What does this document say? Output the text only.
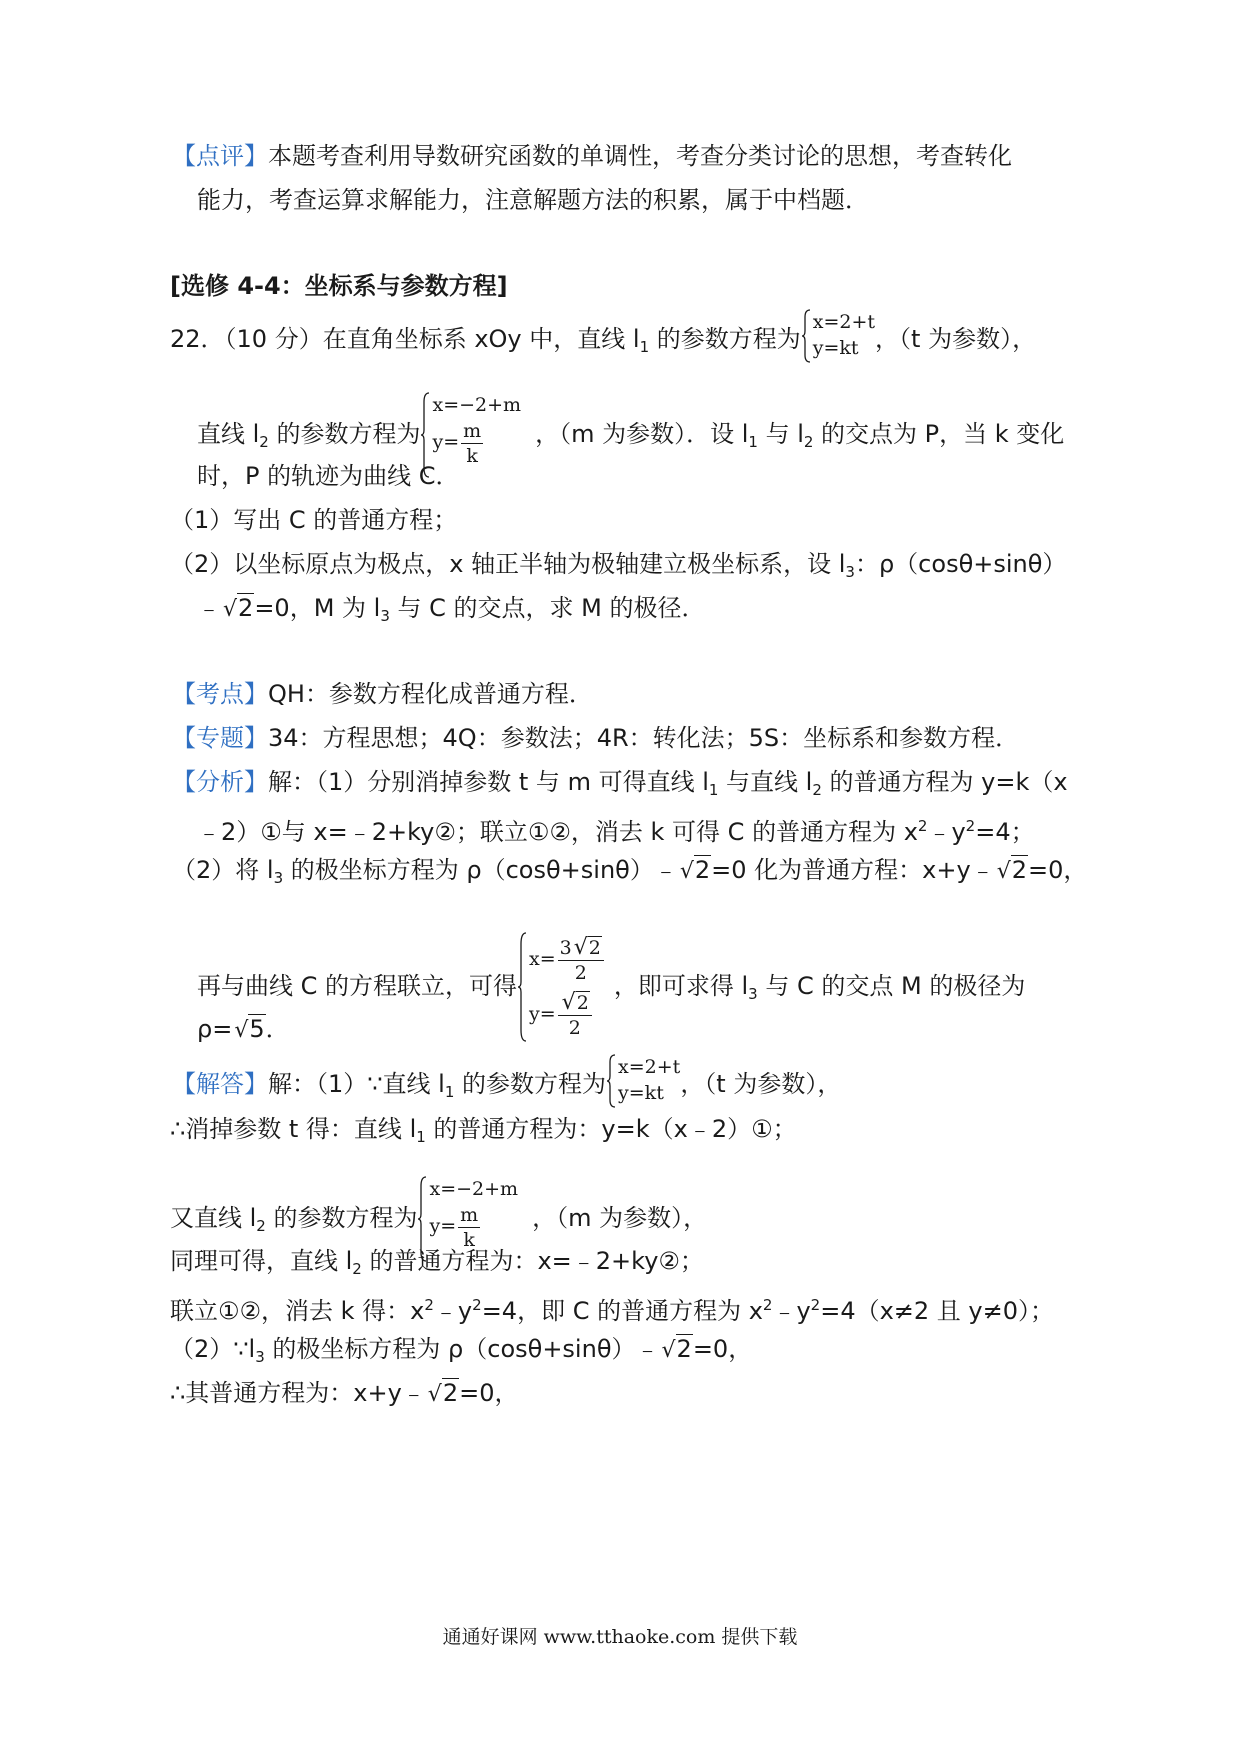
【点评】本题考查利用导数研究函数的单调性，考查分类讨论的思想，考查转化
能力，考查运算求解能力，注意解题方法的积累，属于中档题．
[选修 4-4：坐标系与参数方程]
22．（10 分）在直角坐标系 xOy 中，直线 $l_1$ 的参数方程为
x=2+t
y=kt ，（t 为参数），
直线 $l_2$ 的参数方程为
x=−2+m
$y= \frac{m}{k}$ ，（m 为参数）．设 $l_1$ 与 $l_2$ 的交点为 P，当 k 变化
时，P 的轨迹为曲线 C．
（1）写出 C 的普通方程；
（2）以坐标原点为极点，x 轴正半轴为极轴建立极坐标系，设 $l_3$：ρ（cosθ+sinθ）
﹣√2=0，M 为 $l_3$ 与 C 的交点，求 M 的极径．
【考点】QH：参数方程化成普通方程．
【专题】34：方程思想；4Q：参数法；4R：转化法；5S：坐标系和参数方程．
【分析】解：（1）分别消掉参数 t 与 m 可得直线 $l_1$ 与直线 $l_2$ 的普通方程为 y=k（x
﹣2）①与 x=﹣2+ky②；联立①②，消去 k 可得 C 的普通方程为 $x^2﹣y^2=4$；
（2）将 $l_3$ 的极坐标方程为 ρ（cosθ+sinθ）﹣√2=0 化为普通方程：x+y﹣√2=0，
再与曲线 C 的方程联立，可得
$x= \frac{3√2}{2}$
$y= \frac{√2}{2}$
，即可求得 $l_3$ 与 C 的交点 M 的极径为
ρ=√5．
【解答】解：（1）∵直线 $l_1$ 的参数方程为
x=2+t
y=kt ，（t 为参数），
∴消掉参数 t 得：直线 $l_1$ 的普通方程为：y=k（x﹣2）①；
又直线 $l_2$ 的参数方程为
x=−2+m
$y= \frac{m}{k}$ ，（m 为参数），
同理可得，直线 $l_2$ 的普通方程为：x=﹣2+ky②；
联立①②，消去 k 得：$x^2﹣y^2=4$，即 C 的普通方程为 $x^2﹣y^2=4(x\ne 2$ 且 y≠0）；
$(2)\because l_3$ 的极坐标方程为 ρ（cosθ+sinθ）﹣√2=0，
∴其普通方程为：x+y﹣√2=0，
通通好课网 www.tthaoke.com 提供下载
